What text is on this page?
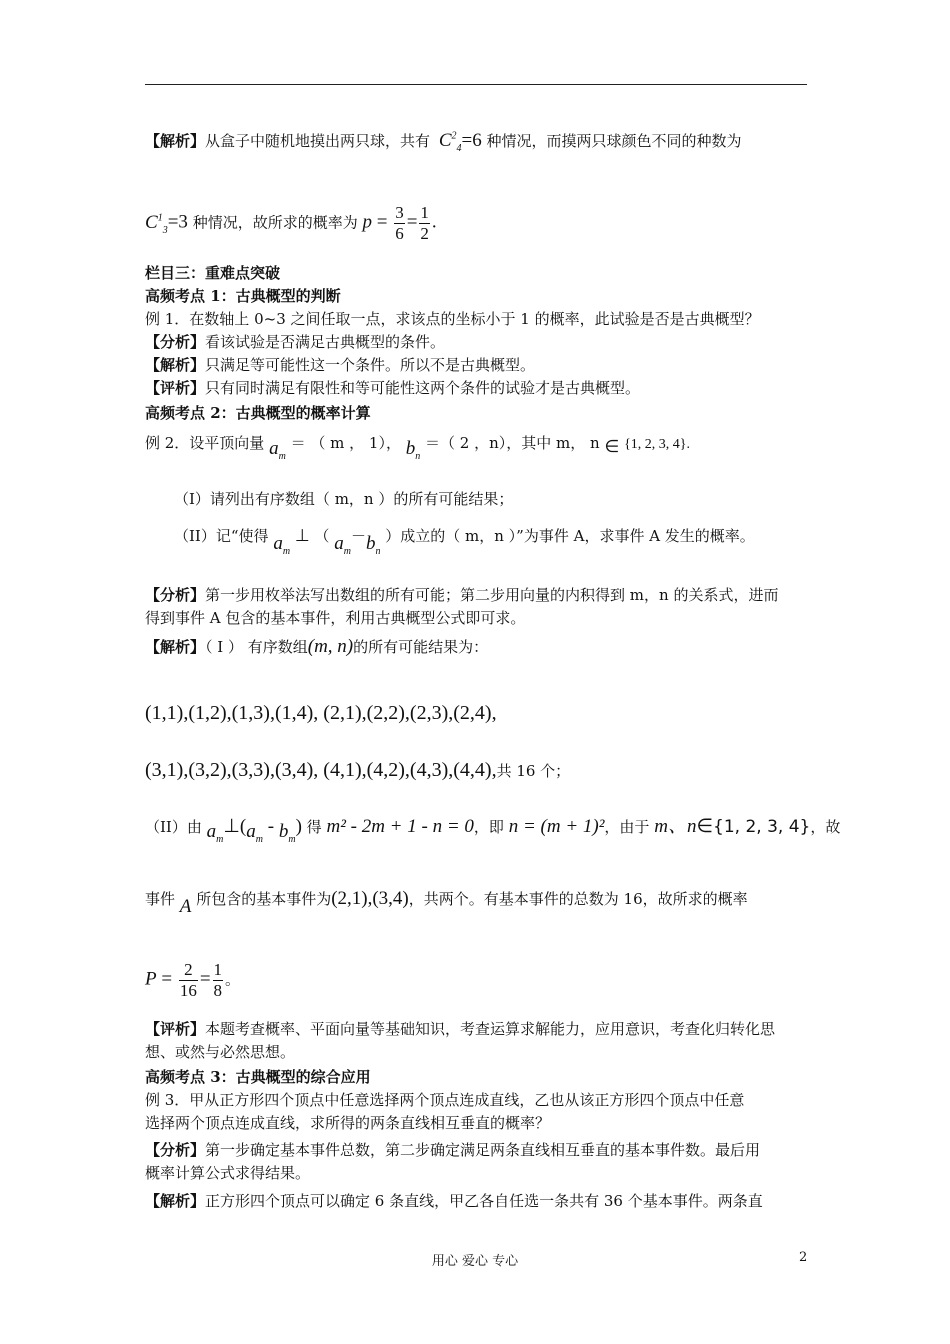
【解析】从盒子中随机地摸出两只球，共有 $C^2_4=6$ 种情况，而摸两只球颜色不同的种数为
$C^1_3=3$ 种情况，故所求的概率为 $p = \frac{3}{6} = \frac{1}{2}$ .
栏目三：重难点突破
高频考点 1：古典概型的判断
例 1．在数轴上 0~3 之间任取一点，求该点的坐标小于 1 的概率，此试验是否是古典概型？
【分析】看该试验是否满足古典概型的条件。
【解析】只满足等可能性这一个条件。所以不是古典概型。
【评析】只有同时满足有限性和等可能性这两个条件的试验才是古典概型。
高频考点 2：古典概型的概率计算
例 2．设平顶向量 $a_m$ ＝ （ m ， 1）， $b_n$ ＝（ 2 ，n），其中 m， n ∈ {1, 2, 3, 4}.
（I）请列出有序数组（ m，n ）的所有可能结果；
（II）记“使得 $a_m$ ⊥ （ $a_m-b_n$ ）成立的（ m，n ）”为事件 A，求事件 A 发生的概率。
【分析】第一步用枚举法写出数组的所有可能；第二步用向量的内积得到 m，n 的关系式，进而
得到事件 A 包含的基本事件，利用古典概型公式即可求。
【解析】（ Ⅰ ） 有序数组(m, n)的所有可能结果为：
(1,1),(1,2),(1,3),(1,4), (2,1),(2,2),(2,3),(2,4),
(3,1),(3,2),(3,3),(3,4), (4,1),(4,2),(4,3),(4,4),共 16 个；
（II）由 $a_m\perp(a_m - b_m)$ 得 m² - 2m + 1 - n = 0，即 n = (m + 1)²，由于 m、n∈{1, 2, 3, 4}，故
事件 A 所包含的基本事件为(2,1),(3,4)，共两个。有基本事件的总数为 16，故所求的概率
$P = \frac{2}{16} = \frac{1}{8}$ 。
【评析】本题考查概率、平面向量等基础知识，考查运算求解能力，应用意识，考查化归转化思
想、或然与必然思想。
高频考点 3：古典概型的综合应用
例 3．甲从正方形四个顶点中任意选择两个顶点连成直线，乙也从该正方形四个顶点中任意
选择两个顶点连成直线，求所得的两条直线相互垂直的概率？
【分析】第一步确定基本事件总数，第二步确定满足两条直线相互垂直的基本事件数。最后用
概率计算公式求得结果。
【解析】正方形四个顶点可以确定 6 条直线，甲乙各自任选一条共有 36 个基本事件。两条直
用心 爱心 专心	2
